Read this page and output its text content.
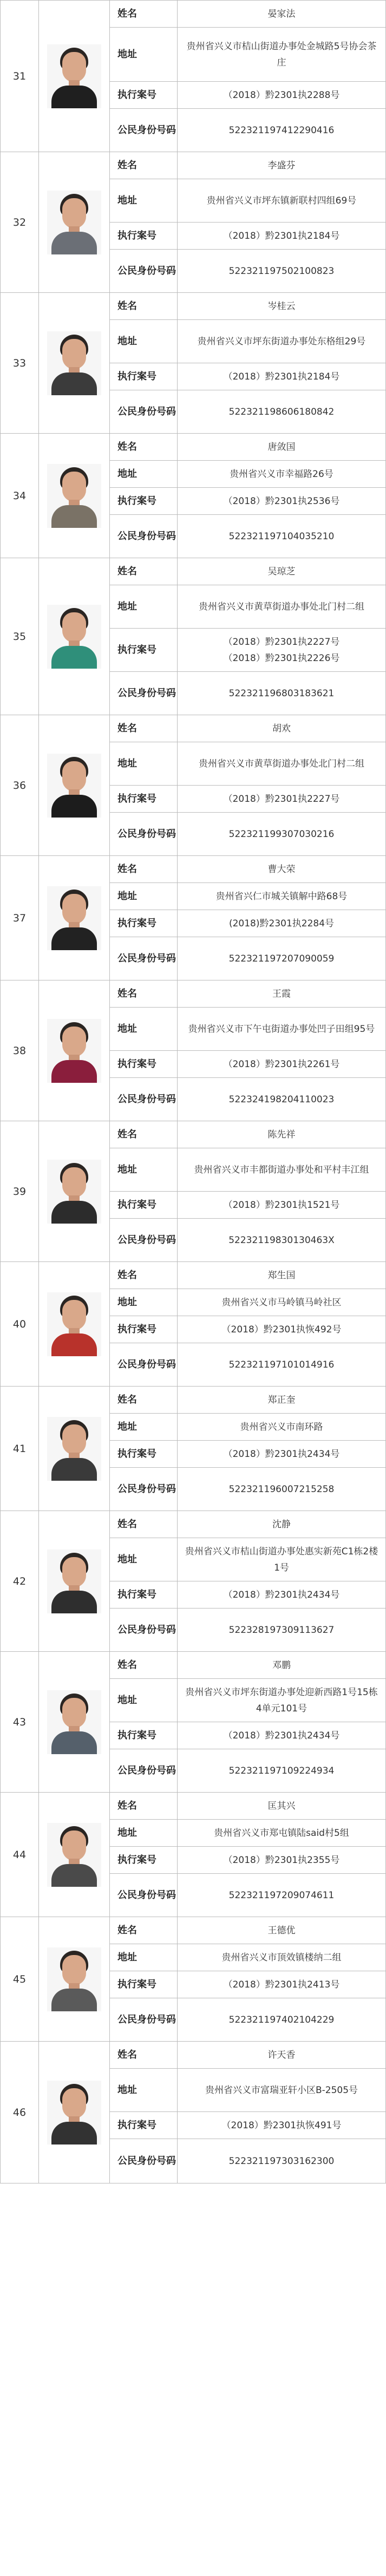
31		姓名	晏家法
		地址	贵州省兴义市桔山街道办事处金城路5号协会茶庄
		执行案号	（2018）黔2301执2288号

		公民身份号码	522321197412290416
32		姓名	李盛芬
		地址	贵州省兴义市坪东镇新联村四组69号
		执行案号	（2018）黔2301执2184号

		公民身份号码	522321197502100823
33		姓名	岑桂云
		地址	贵州省兴义市坪东街道办事处东格组29号
		执行案号	（2018）黔2301执2184号

		公民身份号码	522321198606180842
34		姓名	唐敛国
		地址	贵州省兴义市幸福路26号
		执行案号	（2018）黔2301执2536号

		公民身份号码	522321197104035210
35		姓名	吴琼芝
		地址	贵州省兴义市黄草街道办事处北门村二组
		执行案号	（2018）黔2301执2227号
（2018）黔2301执2226号

		公民身份号码	522321196803183621
36		姓名	胡欢
		地址	贵州省兴义市黄草街道办事处北门村二组
		执行案号	（2018）黔2301执2227号

		公民身份号码	522321199307030216
37		姓名	曹大荣
		地址	贵州省兴仁市城关镇解中路68号
		执行案号	(2018)黔2301执2284号

		公民身份号码	522321197207090059
38		姓名	王霞
		地址	贵州省兴义市下午屯街道办事处凹子田组95号
		执行案号	（2018）黔2301执2261号

		公民身份号码	522324198204110023
39		姓名	陈先祥
		地址	贵州省兴义市丰都街道办事处和平村丰江组
		执行案号	（2018）黔2301执1521号

		公民身份号码	52232119830130463X
40		姓名	郑生国
		地址	贵州省兴义市马岭镇马岭社区
		执行案号	（2018）黔2301执恢492号

		公民身份号码	522321197101014916
41		姓名	郑正奎
		地址	贵州省兴义市南环路
		执行案号	（2018）黔2301执2434号

		公民身份号码	522321196007215258
42		姓名	沈静
		地址	贵州省兴义市桔山街道办事处惠实新苑C1栋2楼1号
		执行案号	（2018）黔2301执2434号

		公民身份号码	522328197309113627
43		姓名	邓鹏
		地址	贵州省兴义市坪东街道办事处迎新西路1号15栋4单元101号
		执行案号	（2018）黔2301执2434号

		公民身份号码	522321197109224934
44		姓名	匡其兴
		地址	贵州省兴义市郑屯镇陆said村5组
		执行案号	（2018）黔2301执2355号

		公民身份号码	522321197209074611
45		姓名	王德优
		地址	贵州省兴义市顶效镇楼纳二组
		执行案号	（2018）黔2301执2413号

		公民身份号码	522321197402104229
46		姓名	许天香
		地址	贵州省兴义市富瑞亚轩小区B-2505号
		执行案号	（2018）黔2301执恢491号

		公民身份号码	522321197303162300
